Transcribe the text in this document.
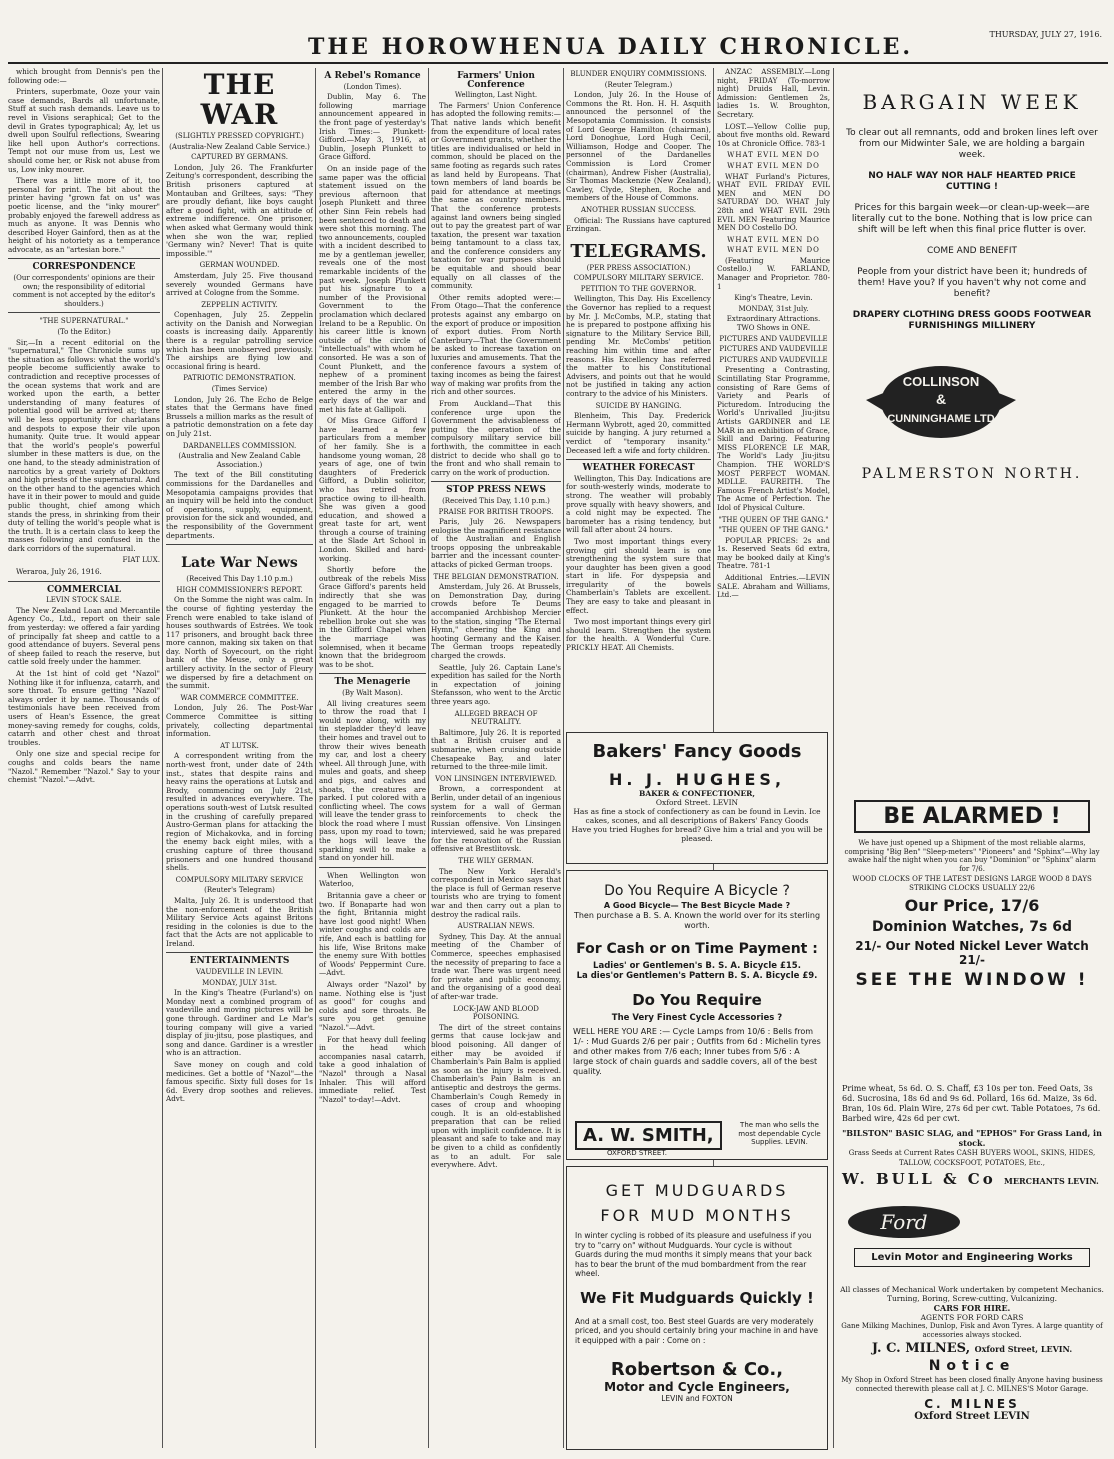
THE HOROWHENUA DAILY CHRONICLE.	THURSDAY, JULY 27, 1916.

which brought from Dennis's pen the following ode:—

Printers, superbmate, Ooze your vain case demands, Bards all unfortunate, Stuff at such rash demands. Leave us to revel in Visions seraphical; Get to the devil in Grates typographical; Ay, let us dwell upon Soulful reflections, Swearing like hell upon Author's corrections. Tempt not our muse from us, Lest we should come her, or Risk not abuse from us, Low inky mourer.

There was a little more of it, too personal for print. The bit about the printer having "grown fat on us" was poetic license, and the "inky mourer" probably enjoyed the farewell address as much as anyone. It was Dennis who described Hoyer Gainford, then as at the height of his notoriety as a temperance advocate, as an "artesian bore."

CORRESPONDENCE

(Our correspondents' opinions are their own; the responsibility of editorial comment is not accepted by the editor's shoulders.)

"THE SUPERNATURAL."

(To the Editor.)

Sir,—In a recent editorial on the "supernatural," The Chronicle sums up the situation as follows: what the world's people become sufficiently awake to contradiction and receptive processes of the ocean systems that work and are worked upon the earth, a better understanding of many features of potential good will be arrived at; there will be less opportunity for charlatans and despots to expose their vile upon humanity. Quite true. It would appear that the world's people's powerful slumber in these matters is due, on the one hand, to the steady administration of narcotics by a great variety of Doktors and high priests of the supernatural. And on the other hand to the agencies which have it in their power to mould and guide public thought, chief among which stands the press, in shrinking from their duty of telling the world's people what is the truth. It is a certain class to keep the masses following and confused in the dark corridors of the supernatural.

FIAT LUX.

Weraroa, July 26, 1916.

COMMERCIAL

LEVIN STOCK SALE.

The New Zealand Loan and Mercantile Agency Co., Ltd., report on their sale from yesterday: we offered a fair yarding of principally fat sheep and cattle to a good attendance of buyers. Several pens of sheep failed to reach the reserve, but cattle sold freely under the hammer.

At the 1st hint of cold get "Nazol" Nothing like it for influenza, catarrh, and sore throat. To ensure getting "Nazol" always order it by name. Thousands of testimonials have been received from users of Hean's Essence, the great money-saving remedy for coughs, colds, catarrh and other chest and throat troubles.

Only one size and special recipe for coughs and colds bears the name "Nazol." Remember "Nazol." Say to your chemist "Nazol."—Advt.

THE WAR

(SLIGHTLY PRESSED COPYRIGHT.)

(Australia-New Zealand Cable Service.)

CAPTURED BY GERMANS.

London, July 26. The Frankfurter Zeitung's correspondent, describing the British prisoners captured at Montauban and Griltees, says: "They are proudly defiant, like boys caught after a good fight, with an attitude of extreme indifference. One prisoner, when asked what Germany would think when she won the war, replied 'Germany win? Never! That is quite impossible.'"

GERMAN WOUNDED.

Amsterdam, July 25. Five thousand severely wounded Germans have arrived at Cologne from the Somme.

ZEPPELIN ACTIVITY.

Copenhagen, July 25. Zeppelin activity on the Danish and Norwegian coasts is increasing daily. Apparently there is a regular patrolling service which has been unobserved previously. The airships are flying low and occasional firing is heard.

PATRIOTIC DEMONSTRATION.

(Times Service)

London, July 26. The Echo de Belge states that the Germans have fined Brussels a million marks as the result of a patriotic demonstration on a fete day on July 21st.

DARDANELLES COMMISSION.

(Australia and New Zealand Cable Association.)

The text of the Bill constituting commissions for the Dardanelles and Mesopotamia campaigns provides that an inquiry will be held into the conduct of operations, supply, equipment, provision for the sick and wounded, and the responsibility of the Government departments.

Late War News

(Received This Day 1.10 p.m.)

HIGH COMMISSIONER'S REPORT.

On the Somme the night was calm. In the course of fighting yesterday the French were enabled to take island of houses southwards of Estrées. We took 117 prisoners, and brought back three more cannon, making six taken on that day. North of Soyecourt, on the right bank of the Meuse, only a great artillery activity. In the sector of Fleury we dispersed by fire a detachment on the summit.

WAR COMMERCE COMMITTEE.

London, July 26. The Post-War Commerce Committee is sitting privately, collecting departmental information.

AT LUTSK.

A correspondent writing from the north-west front, under date of 24th inst., states that despite rains and heavy rains the operations at Lutsk and Brody, commencing on July 21st, resulted in advances everywhere. The operations south-west of Lutsk resulted in the crushing of carefully prepared Austro-German plans for attacking the region of Michakovka, and in forcing the enemy back eight miles, with a crushing capture of three thousand prisoners and one hundred thousand shells.

COMPULSORY MILITARY SERVICE

(Reuter's Telegram)

Malta, July 26. It is understood that the non-enforcement of the British Military Service Acts against Britons residing in the colonies is due to the fact that the Acts are not applicable to Ireland.

ENTERTAINMENTS

VAUDEVILLE IN LEVIN.

MONDAY, JULY 31st.

In the King's Theatre (Furland's) on Monday next a combined program of vaudeville and moving pictures will be gone through. Gardiner and Le Mar's touring company will give a varied display of jiu-jitsu, pose plastiques, and song and dance. Gardiner is a wrestler who is an attraction.

Save money on cough and cold medicines. Get a bottle of "Nazol"—the famous specific. Sixty full doses for 1s 6d. Every drop soothes and relieves. Advt.

A Rebel's Romance

(London Times).

Dublin, May 6. The following marriage announcement appeared in the front page of yesterday's Irish Times:— Plunkett-Gifford.—May 3, 1916, at Dublin, Joseph Plunkett to Grace Gifford.

On an inside page of the same paper was the official statement issued on the previous afternoon that Joseph Plunkett and three other Sinn Fein rebels had been sentenced to death and were shot this morning. The two announcements, coupled with a incident described to me by a gentleman jeweller, reveals one of the most remarkable incidents of the past week. Joseph Plunkett put his signature to a number of the Provisional Government to the proclamation which declared Ireland to be a Republic. On his career little is known outside of the circle of "intellectuals" with whom he consorted. He was a son of Count Plunkett, and the nephew of a prominent member of the Irish Bar who entered the army in the early days of the war and met his fate at Gallipoli.

Of Miss Grace Gifford I have learned a few particulars from a member of her family. She is a handsome young woman, 28 years of age, one of twin daughters of Frederick Gifford, a Dublin solicitor, who has retired from practice owing to ill-health. She was given a good education, and showed a great taste for art, went through a course of training at the Slade Art School in London. Skilled and hard-working.

Shortly before the outbreak of the rebels Miss Grace Gifford's parents held indirectly that she was engaged to be married to Plunkett. At the hour the rebellion broke out she was in the Gifford Chapel when the marriage was solemnised, when it became known that the bridegroom was to be shot.

The Menagerie

(By Walt Mason).

All living creatures seem to throw the road that I would now along, with my tin stepladder they'd leave their homes and travel out to throw their wives beneath my car, and lost a cheery wheel. All through June, with mules and goats, and sheep and pigs, and calves and shoats, the creatures are parked. I put colored with a conflicting wheel. The cows will leave the tender grass to block the road where I must pass, upon my road to town; the hogs will leave the sparkling swill to make a stand on yonder hill.

When Wellington won Waterloo,

Britannia gave a cheer or two. If Bonaparte had won the fight, Britannia might have lost good night! When winter coughs and colds are rife, And each is battling for his life, Wise Britons make the enemy sure With bottles of Woods' Peppermint Cure.—Advt.

Always order "Nazol" by name. Nothing else is "just as good" for coughs and colds and sore throats. Be sure you get genuine "Nazol."—Advt.

For that heavy dull feeling in the head which accompanies nasal catarrh, take a good inhalation of "Nazol" through a Nasal Inhaler. This will afford immediate relief. Test "Nazol" to-day!—Advt.

Farmers' Union Conference

Wellington, Last Night.

The Farmers' Union Conference has adopted the following remits:— That native lands which benefit from the expenditure of local rates or Government grants, whether the titles are individualised or held in common, should be placed on the same footing as regards such rates as land held by Europeans. That town members of land boards be paid for attendance at meetings the same as country members. That the conference protests against land owners being singled out to pay the greatest part of war taxation, the present war taxation being tantamount to a class tax, and the conference considers any taxation for war purposes should be equitable and should bear equally on all classes of the community.

Other remits adopted were:— From Otago—That the conference protests against any embargo on the export of produce or imposition of export duties. From North Canterbury—That the Government be asked to increase taxation on luxuries and amusements. That the conference favours a system of taxing incomes as being the fairest way of making war profits from the rich and other sources.

From Auckland—That this conference urge upon the Government the advisableness of putting the operation of the compulsory military service bill forthwith, the committee in each district to decide who shall go to the front and who shall remain to carry on the work of production.

STOP PRESS NEWS

(Received This Day, 1.10 p.m.)

PRAISE FOR BRITISH TROOPS.

Paris, July 26. Newspapers eulogise the magnificent resistance of the Australian and English troops opposing the unbreakable barrier and the incessant counter-attacks of picked German troops.

THE BELGIAN DEMONSTRATION.

Amsterdam, July 26. At Brussels, on Demonstration Day, during crowds before Te Deums accompanied Archbishop Mercier to the station, singing "The Eternal Hymn," cheering the King and hooting Germany and the Kaiser. The German troops repeatedly charged the crowds.

Seattle, July 26. Captain Lane's expedition has sailed for the North in expectation of joining Stefansson, who went to the Arctic three years ago.

ALLEGED BREACH OF NEUTRALITY.

Baltimore, July 26. It is reported that a British cruiser and a submarine, when cruising outside Chesapeake Bay, and later returned to the three-mile limit.

VON LINSINGEN INTERVIEWED.

Brown, a correspondent at Berlin, under detail of an ingenious system for a wall of German reinforcements to check the Russian offensive. Von Linsingen interviewed, said he was prepared for the renovation of the Russian offensive at Brestlitovsk.

THE WILY GERMAN.

The New York Herald's correspondent in Mexico says that the place is full of German reserve tourists who are trying to foment war and then carry out a plan to destroy the radical rails.

AUSTRALIAN NEWS.

Sydney, This Day. At the annual meeting of the Chamber of Commerce, speeches emphasised the necessity of preparing to face a trade war. There was urgent need for private and public economy, and the organising of a good deal of after-war trade.

LOCK-JAW AND BLOOD POISONING.

The dirt of the street contains germs that cause lock-jaw and blood poisoning. All danger of either may be avoided if Chamberlain's Pain Balm is applied as soon as the injury is received. Chamberlain's Pain Balm is an antiseptic and destroys the germs. Chamberlain's Cough Remedy in cases of croup and whooping cough. It is an old-established preparation that can be relied upon with implicit confidence. It is pleasant and safe to take and may be given to a child as confidently as to an adult. For sale everywhere. Advt.

BLUNDER ENQUIRY COMMISSIONS.

(Reuter Telegram.)

London, July 26. In the House of Commons the Rt. Hon. H. H. Asquith announced the personnel of the Mesopotamia Commission. It consists of Lord George Hamilton (chairman), Lord Donoghue, Lord Hugh Cecil, Williamson, Hodge and Cooper. The personnel of the Dardanelles Commission is Lord Cromer (chairman), Andrew Fisher (Australia), Sir Thomas Mackenzie (New Zealand), Cawley, Clyde, Stephen, Roche and members of the House of Commons.

ANOTHER RUSSIAN SUCCESS.

Official: The Russians have captured Erzingan.

TELEGRAMS.

(PER PRESS ASSOCIATION.)

COMPULSORY MILITARY SERVICE.

PETITION TO THE GOVERNOR.

Wellington, This Day. His Excellency the Governor has replied to a request by Mr. J. McCombs, M.P., stating that he is prepared to postpone affixing his signature to the Military Service Bill, pending Mr. McCombs' petition reaching him within time and after reasons. His Excellency has referred the matter to his Constitutional Advisers, and points out that he would not be justified in taking any action contrary to the advice of his Ministers.

SUICIDE BY HANGING.

Blenheim, This Day. Frederick Hermann Wybrott, aged 20, committed suicide by hanging. A jury returned a verdict of "temporary insanity." Deceased left a wife and forty children.

WEATHER FORECAST

Wellington, This Day. Indications are for south-westerly winds, moderate to strong. The weather will probably prove squally with heavy showers, and a cold night may be expected. The barometer has a rising tendency, but will fall after about 24 hours.

Two most important things every growing girl should learn is one strengthening the system sure that your daughter has been given a good start in life. For dyspepsia and irregularity of the bowels Chamberlain's Tablets are excellent. They are easy to take and pleasant in effect.

Two most important things every girl should learn. Strengthen the system for the health. A Wonderful Cure. PRICKLY HEAT. All Chemists.

ANZAC ASSEMBLY.—Long night, FRIDAY (To-morrow night) Druids Hall, Levin. Admission: Gentlemen 2s, ladies 1s. W. Broughton, Secretary.

LOST.—Yellow Collie pup, about five months old. Reward 10s at Chronicle Office. 783-1

WHAT EVIL MEN DO

WHAT EVIL MEN DO

WHAT Furland's Pictures, WHAT EVIL FRIDAY EVIL MEN and MEN DO SATURDAY DO. WHAT July 28th and WHAT EVIL 29th EVIL MEN Featuring Maurice MEN DO Costello DO.

WHAT EVIL MEN DO

WHAT EVIL MEN DO

(Featuring Maurice Costello.) W. FARLAND, Manager and Proprietor. 780-1

King's Theatre, Levin.

MONDAY, 31st July.

Extraordinary Attractions. TWO Shows in ONE.

PICTURES AND VAUDEVILLE

PICTURES AND VAUDEVILLE

PICTURES AND VAUDEVILLE

Presenting a Contrasting, Scintillating Star Programme, consisting of Rare Gems of Variety and Pearls of Picturedom. Introducing the World's Unrivalled Jiu-jitsu Artists GARDINER and LE MAR in an exhibition of Grace, Skill and Daring. Featuring MISS FLORENCE LE MAR, The World's Lady Jiu-jitsu Champion. THE WORLD'S MOST PERFECT WOMAN. MDLLE. FAUREITH. The Famous French Artist's Model, The Acme of Perfection. The Idol of Physical Culture.

"THE QUEEN OF THE GANG."

"THE QUEEN OF THE GANG."

POPULAR PRICES: 2s and 1s. Reserved Seats 6d extra, may be booked daily at King's Theatre. 781-1

Additional Entries.—LEVIN SALE. Abraham and Williams, Ltd.—

BARGAIN WEEK

To clear out all remnants, odd and broken lines left over from our Midwinter Sale, we are holding a bargain week.

NO HALF WAY NOR HALF HEARTED PRICE CUTTING !

Prices for this bargain week—or clean-up-week—are literally cut to the bone. Nothing that is low price can shift will be left when this final price flutter is over.

COME AND BENEFIT

People from your district have been it; hundreds of them! Have you? If you haven't why not come and benefit?

DRAPERY CLOTHING DRESS GOODS FOOTWEAR FURNISHINGS MILLINERY

COLLINSON
&
CUNNINGHAME LTD
PALMERSTON NORTH.
BE ALARMED !
We have just opened up a Shipment of the most reliable alarms, comprising "Big Ben" "Sleep-meters" "Pioneers" and "Sphinx"—Why lay awake half the night when you can buy "Dominion" or "Sphinx" alarm for 7/6.
WOOD CLOCKS OF THE LATEST DESIGNS LARGE WOOD 8 DAYS STRIKING CLOCKS USUALLY 22/6
Our Price, 17/6
Dominion Watches, 7s 6d
21/- Our Noted Nickel Lever Watch 21/-
SEE THE WINDOW !
Prime wheat, 5s 6d. O. S. Chaff, £3 10s per ton. Feed Oats, 3s 6d. Sucrosina, 18s 6d and 9s 6d. Pollard, 16s 6d. Maize, 3s 6d. Bran, 10s 6d. Plain Wire, 27s 6d per cwt. Table Potatoes, 7s 6d. Barbed wire, 42s 6d per cwt.
"BILSTON" BASIC SLAG, and "EPHOS" For Grass Land, in stock.
Grass Seeds at Current Rates CASH BUYERS WOOL, SKINS, HIDES, TALLOW, COCKSFOOT, POTATOES, Etc.,
W. BULL & Co MERCHANTS LEVIN.
Ford
Levin Motor and Engineering Works
All classes of Mechanical Work undertaken by competent Mechanics. Turning, Boring, Screw-cutting, Vulcanizing.
CARS FOR HIRE.
AGENTS FOR FORD CARS
Gane Milking Machines, Dunlop, Fisk and Avon Tyres. A large quantity of accessories always stocked.
J. C. MILNES, Oxford Street, LEVIN.
Notice
My Shop in Oxford Street has been closed finally Anyone having business connected therewith please call at J. C. MILNES'S Motor Garage.
C. MILNES
Oxford Street LEVIN
Bakers' Fancy Goods
H. J. HUGHES,
BAKER & CONFECTIONER,
Oxford Street. LEVIN
Has as fine a stock of confectionery as can be found in Levin. Ice cakes, scones, and all descriptions of Bakers' Fancy Goods
Have you tried Hughes for bread? Give him a trial and you will be pleased.
Do You Require A Bicycle ?
A Good Bicycle— The Best Bicycle Made ?
Then purchase a B. S. A. Known the world over for its sterling worth.
For Cash or on Time Payment :
Ladies' or Gentlemen's B. S. A. Bicycle £15.
La dies'or Gentlemen's Pattern B. S. A. Bicycle £9.
Do You Require
The Very Finest Cycle Accessories ?
WELL HERE YOU ARE :— Cycle Lamps from 10/6 : Bells from 1/- : Mud Guards 2/6 per pair ; Outfits from 6d : Michelin tyres and other makes from 7/6 each; Inner tubes from 5/6 : A large stock of chain guards and saddle covers, all of the best quality.
A. W. SMITH,
OXFORD STREET.
The man who sells the most dependable Cycle Supplies. LEVIN.
GET MUDGUARDS
FOR MUD MONTHS
In winter cycling is robbed of its pleasure and usefulness if you try to "carry on" without Mudguards. Your cycle is without Guards during the mud months it simply means that your back has to bear the brunt of the mud bombardment from the rear wheel.
We Fit Mudguards Quickly !
And at a small cost, too. Best steel Guards are very moderately priced, and you should certainly bring your machine in and have it equipped with a pair : Come on :
Robertson & Co.,
Motor and Cycle Engineers,
LEVIN and FOXTON
